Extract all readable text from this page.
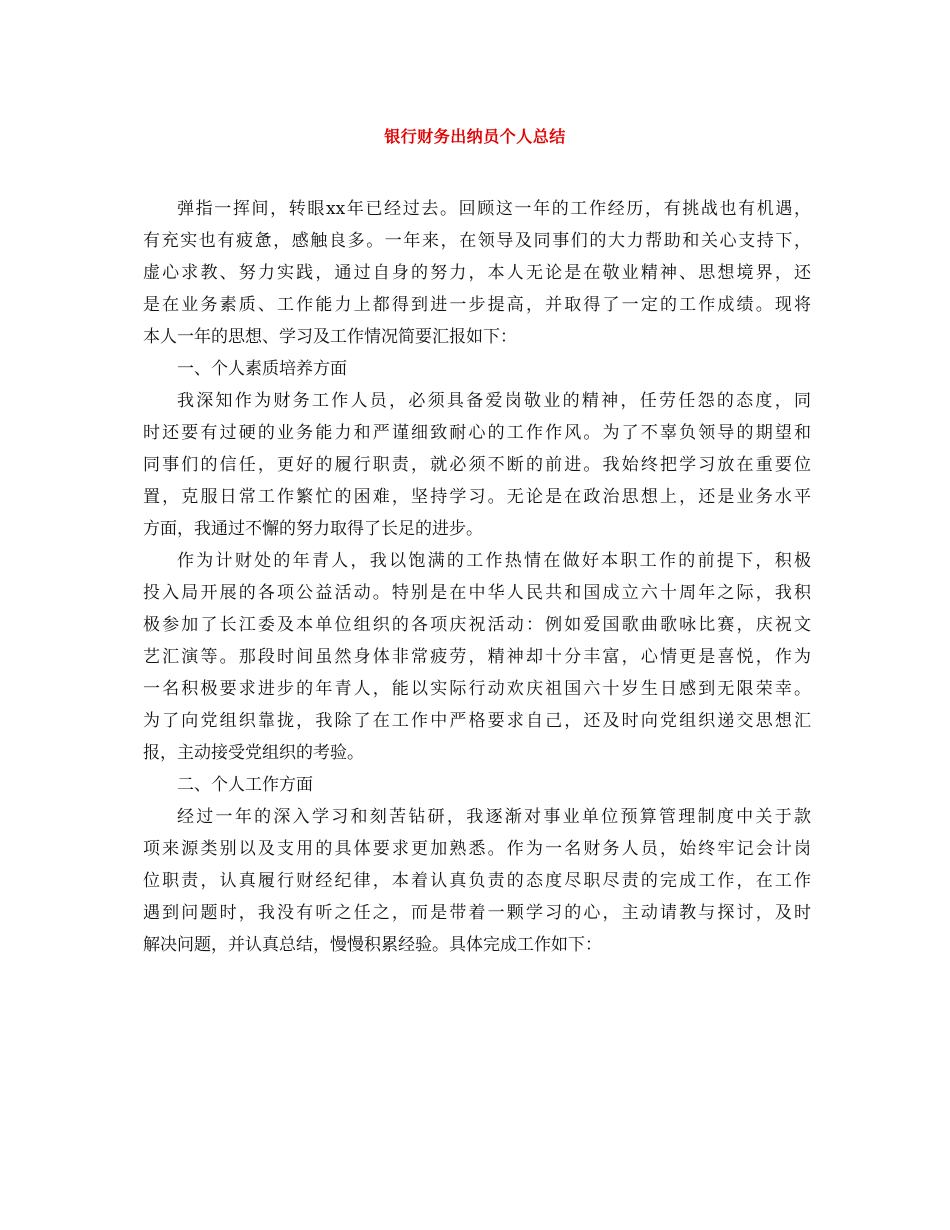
银行财务出纳员个人总结
弹指一挥间，转眼xx年已经过去。回顾这一年的工作经历，有挑战也有机遇，
有充实也有疲惫，感触良多。一年来，在领导及同事们的大力帮助和关心支持下，
虚心求教、努力实践，通过自身的努力，本人无论是在敬业精神、思想境界，还
是在业务素质、工作能力上都得到进一步提高，并取得了一定的工作成绩。现将
本人一年的思想、学习及工作情况简要汇报如下：
一、个人素质培养方面
我深知作为财务工作人员，必须具备爱岗敬业的精神，任劳任怨的态度，同
时还要有过硬的业务能力和严谨细致耐心的工作作风。为了不辜负领导的期望和
同事们的信任，更好的履行职责，就必须不断的前进。我始终把学习放在重要位
置，克服日常工作繁忙的困难，坚持学习。无论是在政治思想上，还是业务水平
方面，我通过不懈的努力取得了长足的进步。
作为计财处的年青人，我以饱满的工作热情在做好本职工作的前提下，积极
投入局开展的各项公益活动。特别是在中华人民共和国成立六十周年之际，我积
极参加了长江委及本单位组织的各项庆祝活动：例如爱国歌曲歌咏比赛，庆祝文
艺汇演等。那段时间虽然身体非常疲劳，精神却十分丰富，心情更是喜悦，作为
一名积极要求进步的年青人，能以实际行动欢庆祖国六十岁生日感到无限荣幸。
为了向党组织靠拢，我除了在工作中严格要求自己，还及时向党组织递交思想汇
报，主动接受党组织的考验。
二、个人工作方面
经过一年的深入学习和刻苦钻研，我逐渐对事业单位预算管理制度中关于款
项来源类别以及支用的具体要求更加熟悉。作为一名财务人员，始终牢记会计岗
位职责，认真履行财经纪律，本着认真负责的态度尽职尽责的完成工作，在工作
遇到问题时，我没有听之任之，而是带着一颗学习的心，主动请教与探讨，及时
解决问题，并认真总结，慢慢积累经验。具体完成工作如下：
